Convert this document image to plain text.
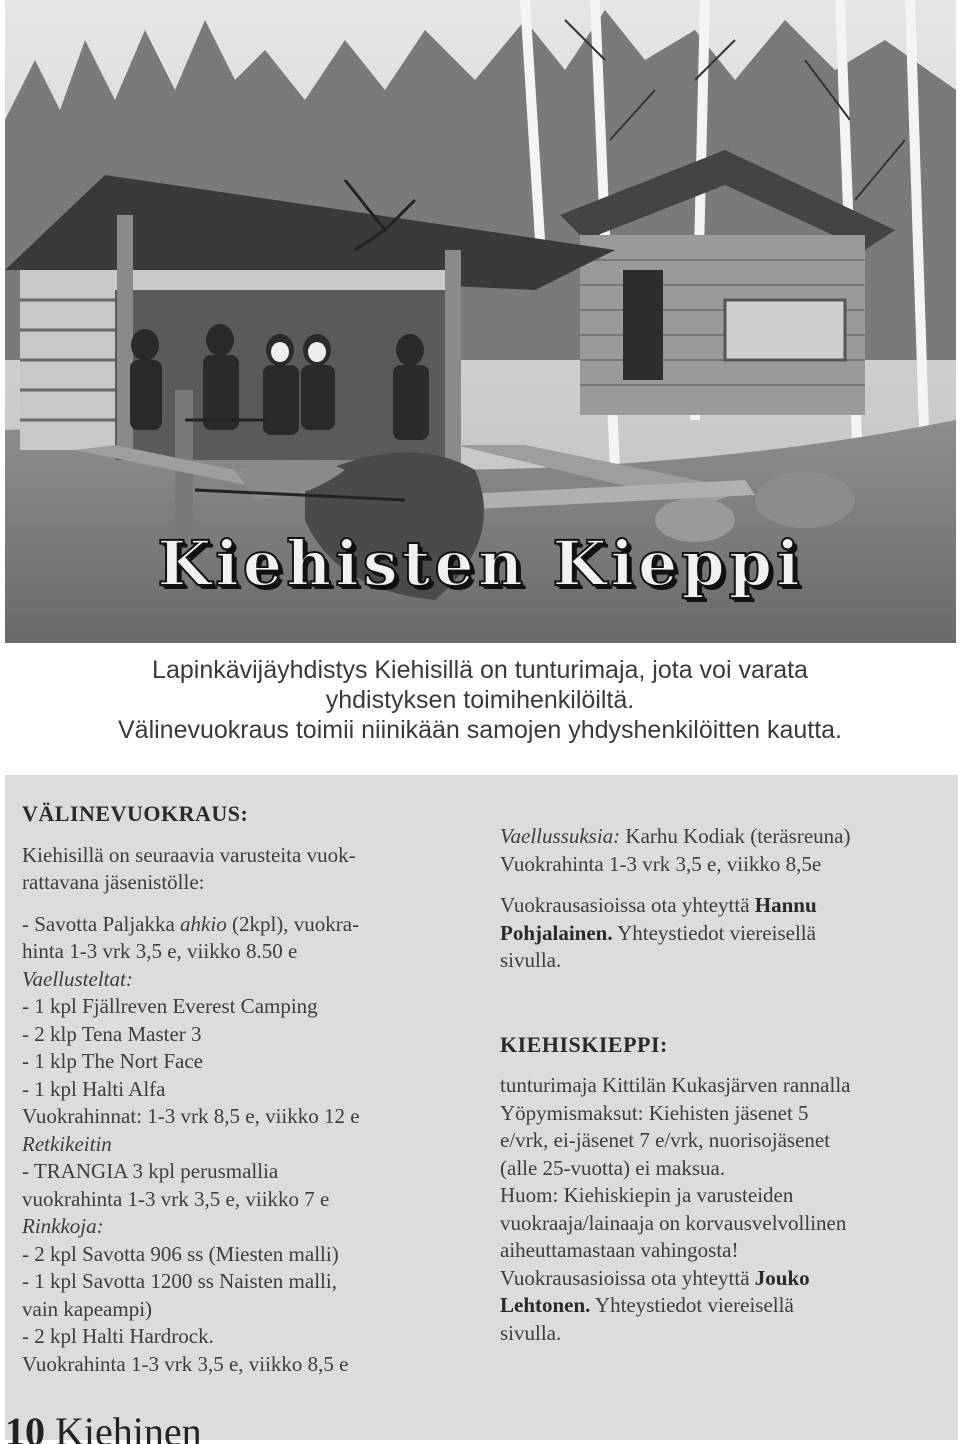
Kiehisten Kieppi

Lapinkävijäyhdistys Kiehisillä on tunturimaja, jota voi varata

yhdistyksen toimihenkilöiltä.

Välinevuokraus toimii niinikään samojen yhdyshenkilöitten kautta.

VÄLINEVUOKRAUS:
Kiehisillä on seuraavia varusteita vuok-
rattavana jäsenistölle:
- Savotta Paljakka ahkio (2kpl), vuokra-
hinta 1-3 vrk 3,5 e, viikko 8.50 e
Vaellusteltat:
- 1 kpl Fjällreven Everest Camping
- 2 klp Tena Master 3
- 1 klp The Nort Face
- 1 kpl Halti Alfa
Vuokrahinnat: 1-3 vrk 8,5 e, viikko 12 e
Retkikeitin
- TRANGIA 3 kpl perusmallia
vuokrahinta 1-3 vrk 3,5 e, viikko 7 e
Rinkkoja:
- 2 kpl Savotta 906 ss (Miesten malli)
- 1 kpl Savotta 1200 ss Naisten malli,
vain kapeampi)
- 2 kpl Halti Hardrock.
Vuokrahinta 1-3 vrk 3,5 e, viikko 8,5 e
Vaellussuksia: Karhu Kodiak (teräsreuna)
Vuokrahinta 1-3 vrk 3,5 e, viikko 8,5e
Vuokrausasioissa ota yhteyttä Hannu
Pohjalainen. Yhteystiedot viereisellä
sivulla.
KIEHISKIEPPI:
tunturimaja Kittilän Kukasjärven rannalla
Yöpymismaksut: Kiehisten jäsenet 5
e/vrk, ei-jäsenet 7 e/vrk, nuorisojäsenet
(alle 25-vuotta) ei maksua.
Huom: Kiehiskiepin ja varusteiden
vuokraaja/lainaaja on korvausvelvollinen
aiheuttamastaan vahingosta!
Vuokrausasioissa ota yhteyttä Jouko
Lehtonen. Yhteystiedot viereisellä
sivulla.
10 Kiehinen
